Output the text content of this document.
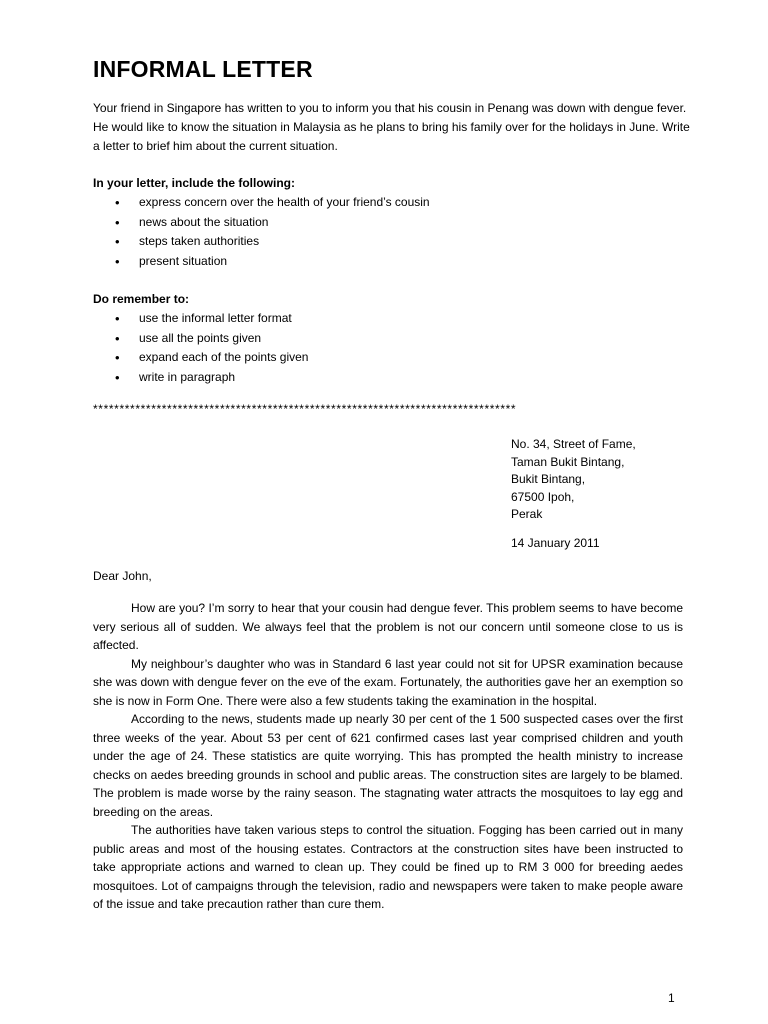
INFORMAL LETTER

Your friend in Singapore has written to you to inform you that his cousin in Penang was down with dengue fever. He would like to know the situation in Malaysia as he plans to bring his family over for the holidays in June. Write a letter to brief him about the current situation.

In your letter, include the following:

• express concern over the health of your friend’s cousin
• news about the situation
• steps taken authorities
• present situation

Do remember to:

• use the informal letter format
• use all the points given
• expand each of the points given
• write in paragraph

********************************************************************************

No. 34, Street of Fame,
Taman Bukit Bintang,
Bukit Bintang,
67500 Ipoh,
Perak

14 January 2011

Dear John,

How are you? I’m sorry to hear that your cousin had dengue fever. This problem seems to have become very serious all of sudden. We always feel that the problem is not our concern until someone close to us is affected.

My neighbour’s daughter who was in Standard 6 last year could not sit for UPSR examination because she was down with dengue fever on the eve of the exam. Fortunately, the authorities gave her an exemption so she is now in Form One. There were also a few students taking the examination in the hospital.

According to the news, students made up nearly 30 per cent of the 1 500 suspected cases over the first three weeks of the year. About 53 per cent of 621 confirmed cases last year comprised children and youth under the age of 24. These statistics are quite worrying. This has prompted the health ministry to increase checks on aedes breeding grounds in school and public areas. The construction sites are largely to be blamed. The problem is made worse by the rainy season. The stagnating water attracts the mosquitoes to lay egg and breeding on the areas.

The authorities have taken various steps to control the situation. Fogging has been carried out in many public areas and most of the housing estates. Contractors at the construction sites have been instructed to take appropriate actions and warned to clean up. They could be fined up to RM 3 000 for breeding aedes mosquitoes. Lot of campaigns through the television, radio and newspapers were taken to make people aware of the issue and take precaution rather than cure them.

1
